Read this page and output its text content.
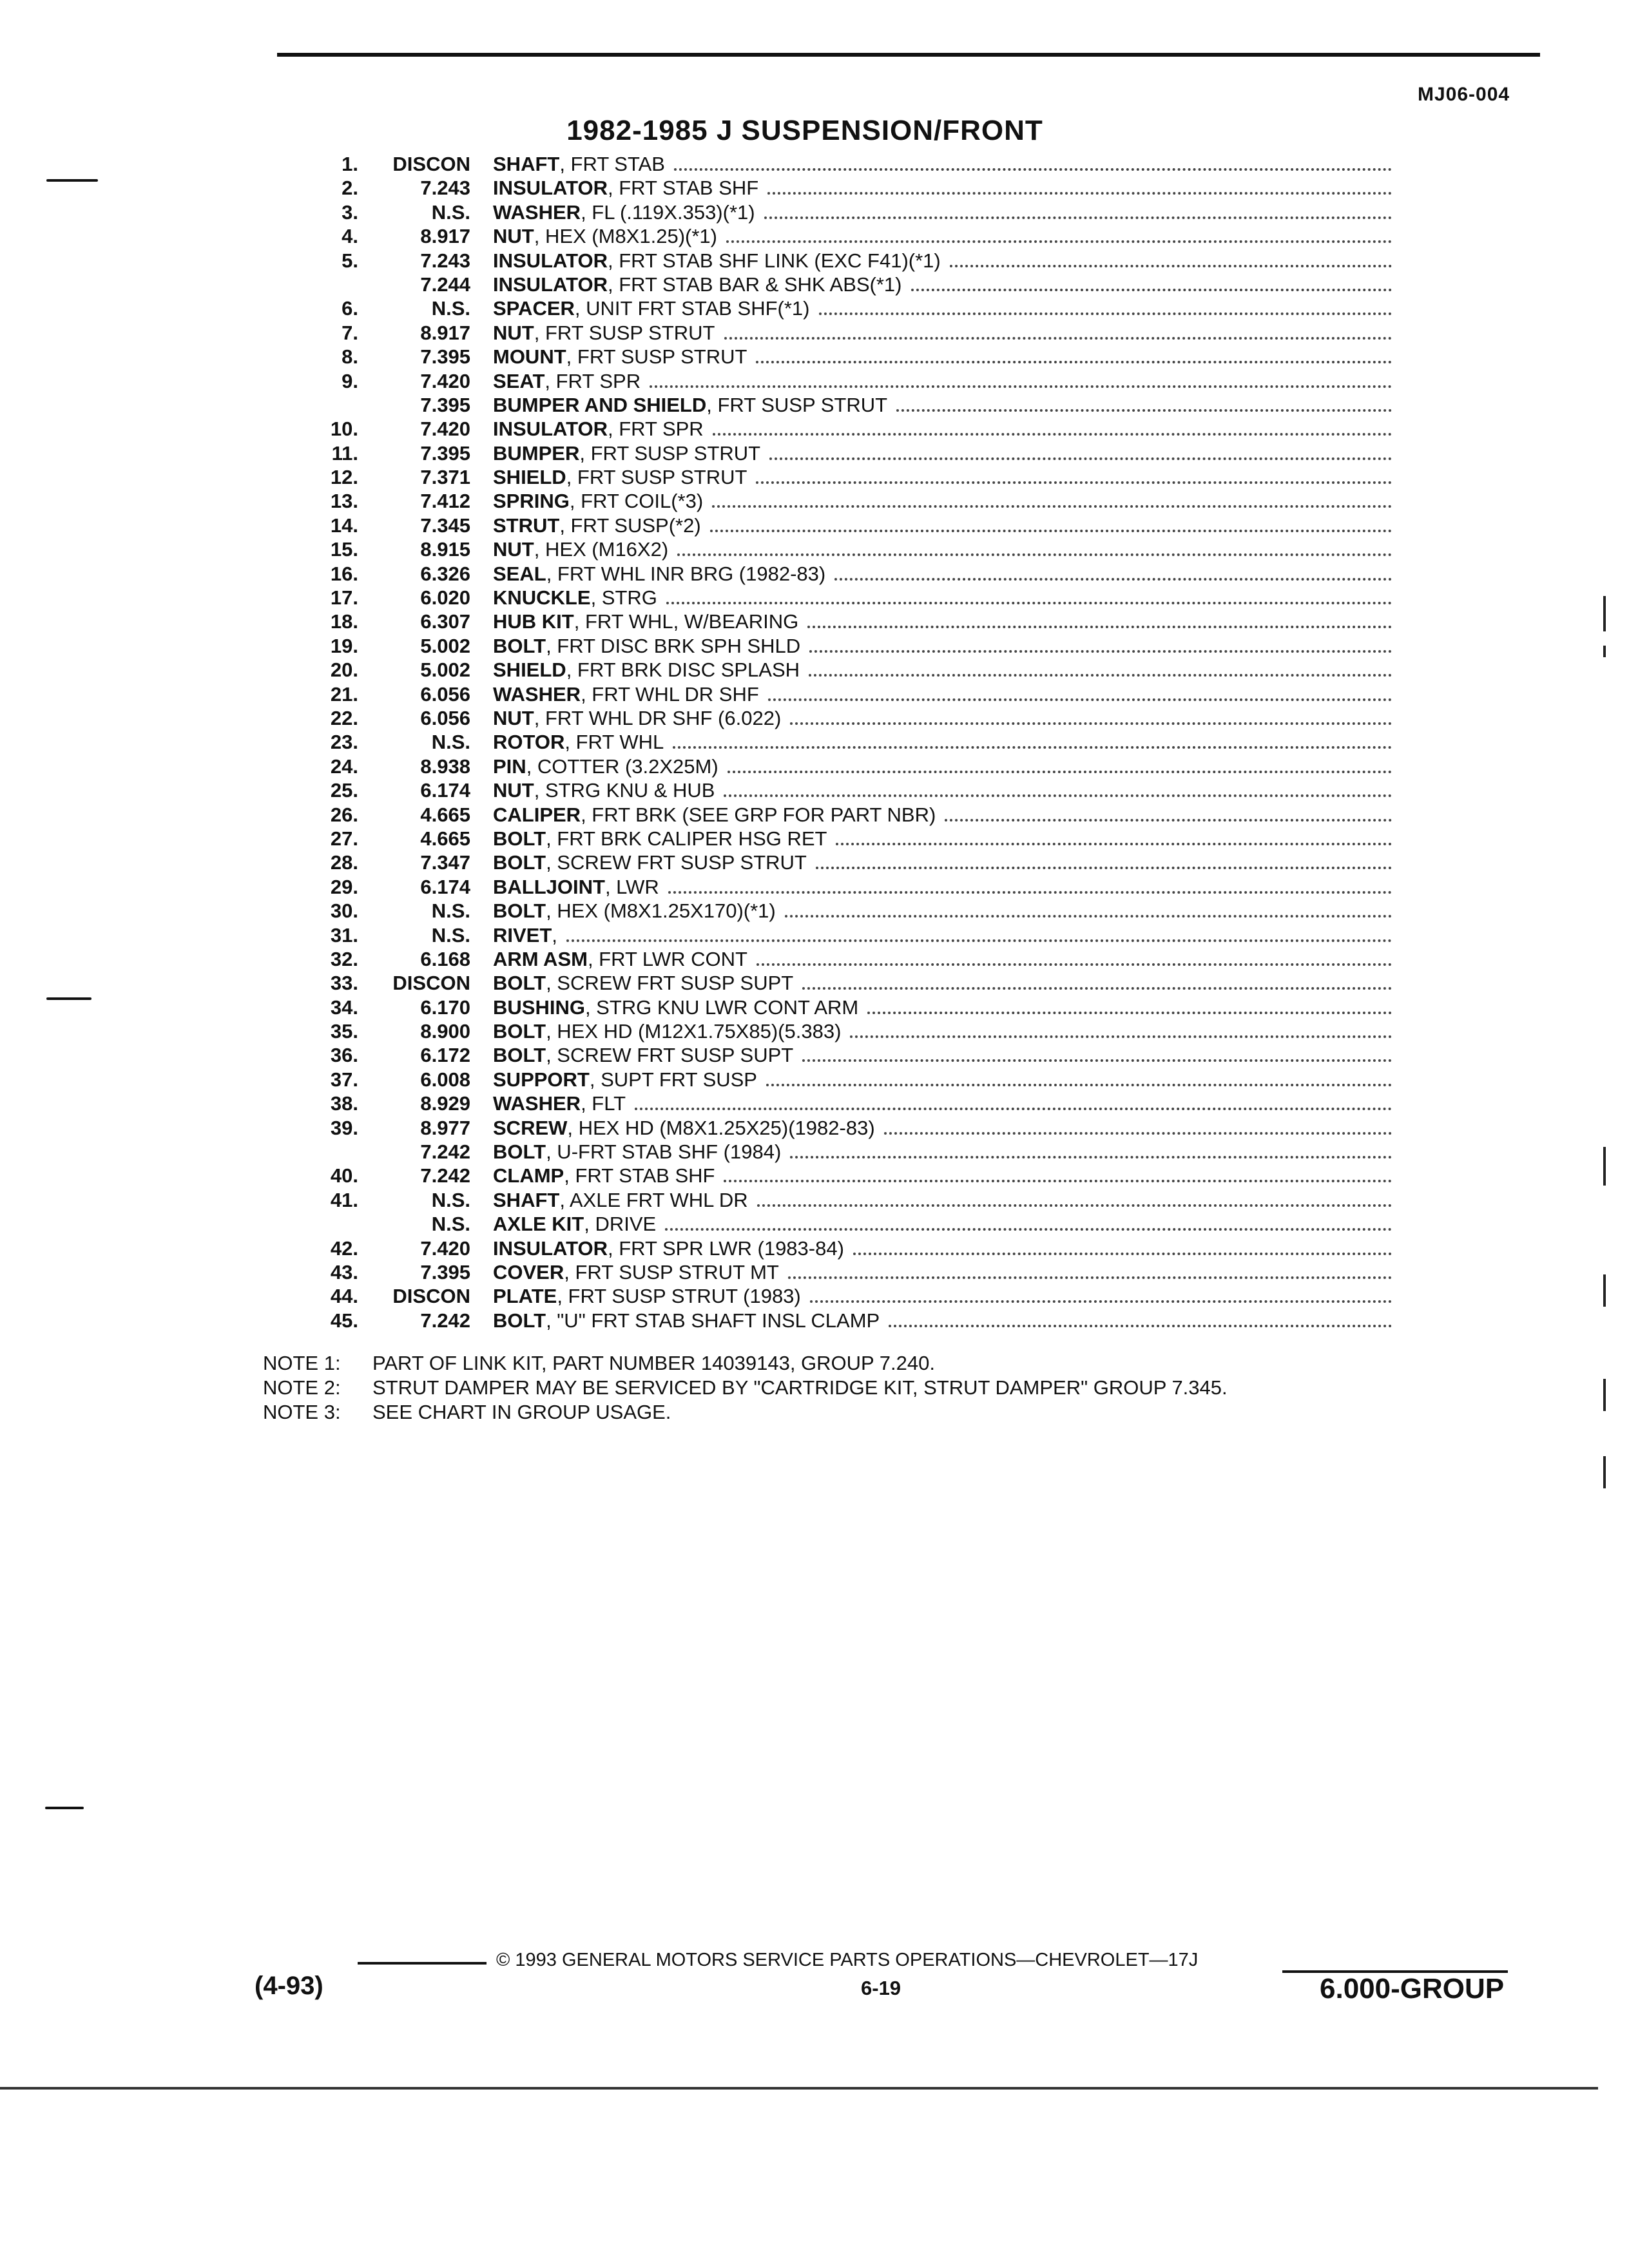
MJ06-004
1982-1985 J SUSPENSION/FRONT
1.	DISCON SHAFT , FRT STAB
2.	7.243 INSULATOR , FRT STAB SHF
3.	N.S. WASHER , FL (.119X.353)(*1)
4.	8.917 NUT , HEX (M8X1.25)(*1)
5.	7.243 INSULATOR , FRT STAB SHF LINK (EXC F41)(*1)
7.244 INSULATOR , FRT STAB BAR & SHK ABS(*1)
6.	N.S. SPACER , UNIT FRT STAB SHF(*1)
7.	8.917 NUT , FRT SUSP STRUT
8.	7.395 MOUNT , FRT SUSP STRUT
9.	7.420 SEAT , FRT SPR
7.395 BUMPER AND SHIELD , FRT SUSP STRUT
10.	7.420 INSULATOR , FRT SPR
11.	7.395 BUMPER , FRT SUSP STRUT
12.	7.371 SHIELD , FRT SUSP STRUT
13.	7.412 SPRING , FRT COIL(*3)
14.	7.345 STRUT , FRT SUSP(*2)
15.	8.915 NUT , HEX (M16X2)
16.	6.326 SEAL , FRT WHL INR BRG (1982-83)
17.	6.020 KNUCKLE , STRG
18.	6.307 HUB KIT , FRT WHL, W/BEARING
19.	5.002 BOLT , FRT DISC BRK SPH SHLD
20.	5.002 SHIELD , FRT BRK DISC SPLASH
21.	6.056 WASHER , FRT WHL DR SHF
22.	6.056 NUT , FRT WHL DR SHF (6.022)
23.	N.S. ROTOR , FRT WHL
24.	8.938 PIN , COTTER (3.2X25M)
25.	6.174 NUT , STRG KNU & HUB
26.	4.665 CALIPER , FRT BRK (SEE GRP FOR PART NBR)
27.	4.665 BOLT , FRT BRK CALIPER HSG RET
28.	7.347 BOLT , SCREW FRT SUSP STRUT
29.	6.174 BALLJOINT , LWR
30.	N.S. BOLT , HEX (M8X1.25X170)(*1)
31.	N.S. RIVET ,
32.	6.168 ARM ASM , FRT LWR CONT
33.	DISCON BOLT , SCREW FRT SUSP SUPT
34.	6.170 BUSHING , STRG KNU LWR CONT ARM
35.	8.900 BOLT , HEX HD (M12X1.75X85)(5.383)
36.	6.172 BOLT , SCREW FRT SUSP SUPT
37.	6.008 SUPPORT , SUPT FRT SUSP
38.	8.929 WASHER , FLT
39.	8.977 SCREW , HEX HD (M8X1.25X25)(1982-83)
7.242 BOLT , U-FRT STAB SHF (1984)
40.	7.242 CLAMP , FRT STAB SHF
41.	N.S. SHAFT , AXLE FRT WHL DR
N.S. AXLE KIT , DRIVE
42.	7.420 INSULATOR , FRT SPR LWR (1983-84)
43.	7.395 COVER , FRT SUSP STRUT MT
44.	DISCON PLATE , FRT SUSP STRUT (1983)
45.	7.242 BOLT , "U" FRT STAB SHAFT INSL CLAMP
NOTE 1: PART OF LINK KIT, PART NUMBER 14039143, GROUP 7.240.
NOTE 2: STRUT DAMPER MAY BE SERVICED BY "CARTRIDGE KIT, STRUT DAMPER" GROUP 7.345.
NOTE 3: SEE CHART IN GROUP USAGE.
© 1993 GENERAL MOTORS SERVICE PARTS OPERATIONS—CHEVROLET—17J
(4-93)	6-19	6.000-GROUP
